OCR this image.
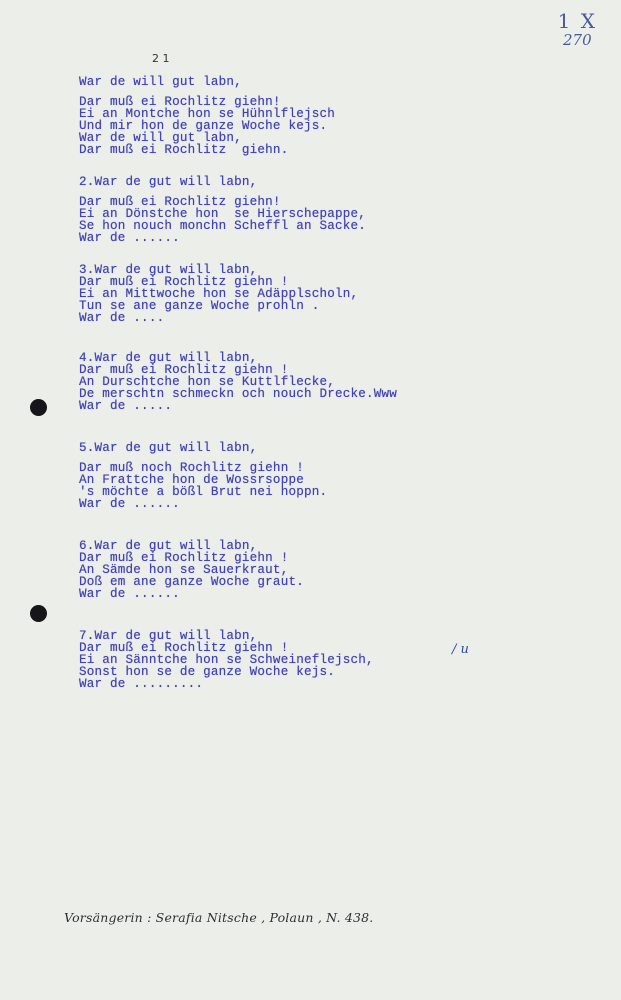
1 X
270
2 1
War de will gut labn,
Dar muß ei Rochlitz giehn!
Ei an Montche hon se Hühnlflejsch
Und mir hon de ganze Woche kejs.
War de will gut labn,
Dar muß ei Rochlitz  giehn.
2.War de gut will labn,
Dar muß ei Rochlitz giehn!
Ei an Dönstche hon  se Hierschepappe,
Se hon nouch monchn Scheffl an Sacke.
War de ......
3.War de gut will labn,
Dar muß ei Rochlitz giehn !
Ei an Mittwoche hon se Adäpplscholn,
Tun se ane ganze Woche prohln .
War de ....
4.War de gut will labn,
Dar muß ei Rochlitz giehn !
An Durschtche hon se Kuttlflecke,
De merschtn schmeckn och nouch Drecke.Www
War de .....
5.War de gut will labn,
Dar muß noch Rochlitz giehn !
An Frattche hon de Wossrsoppe
's möchte a bößl Brut nei hoppn.
War de ......
6.War de gut will labn,
Dar muß ei Rochlitz giehn !
An Sämde hon se Sauerkraut,
Doß em ane ganze Woche graut.
War de ......
7.War de gut will labn,
Dar muß ei Rochlitz giehn !
Ei an Sänntche hon se Schweineflejsch,
Sonst hon se de ganze Woche kejs.
War de .........
/ u
Vorsängerin : Serafia Nitsche , Polaun , N. 438.
